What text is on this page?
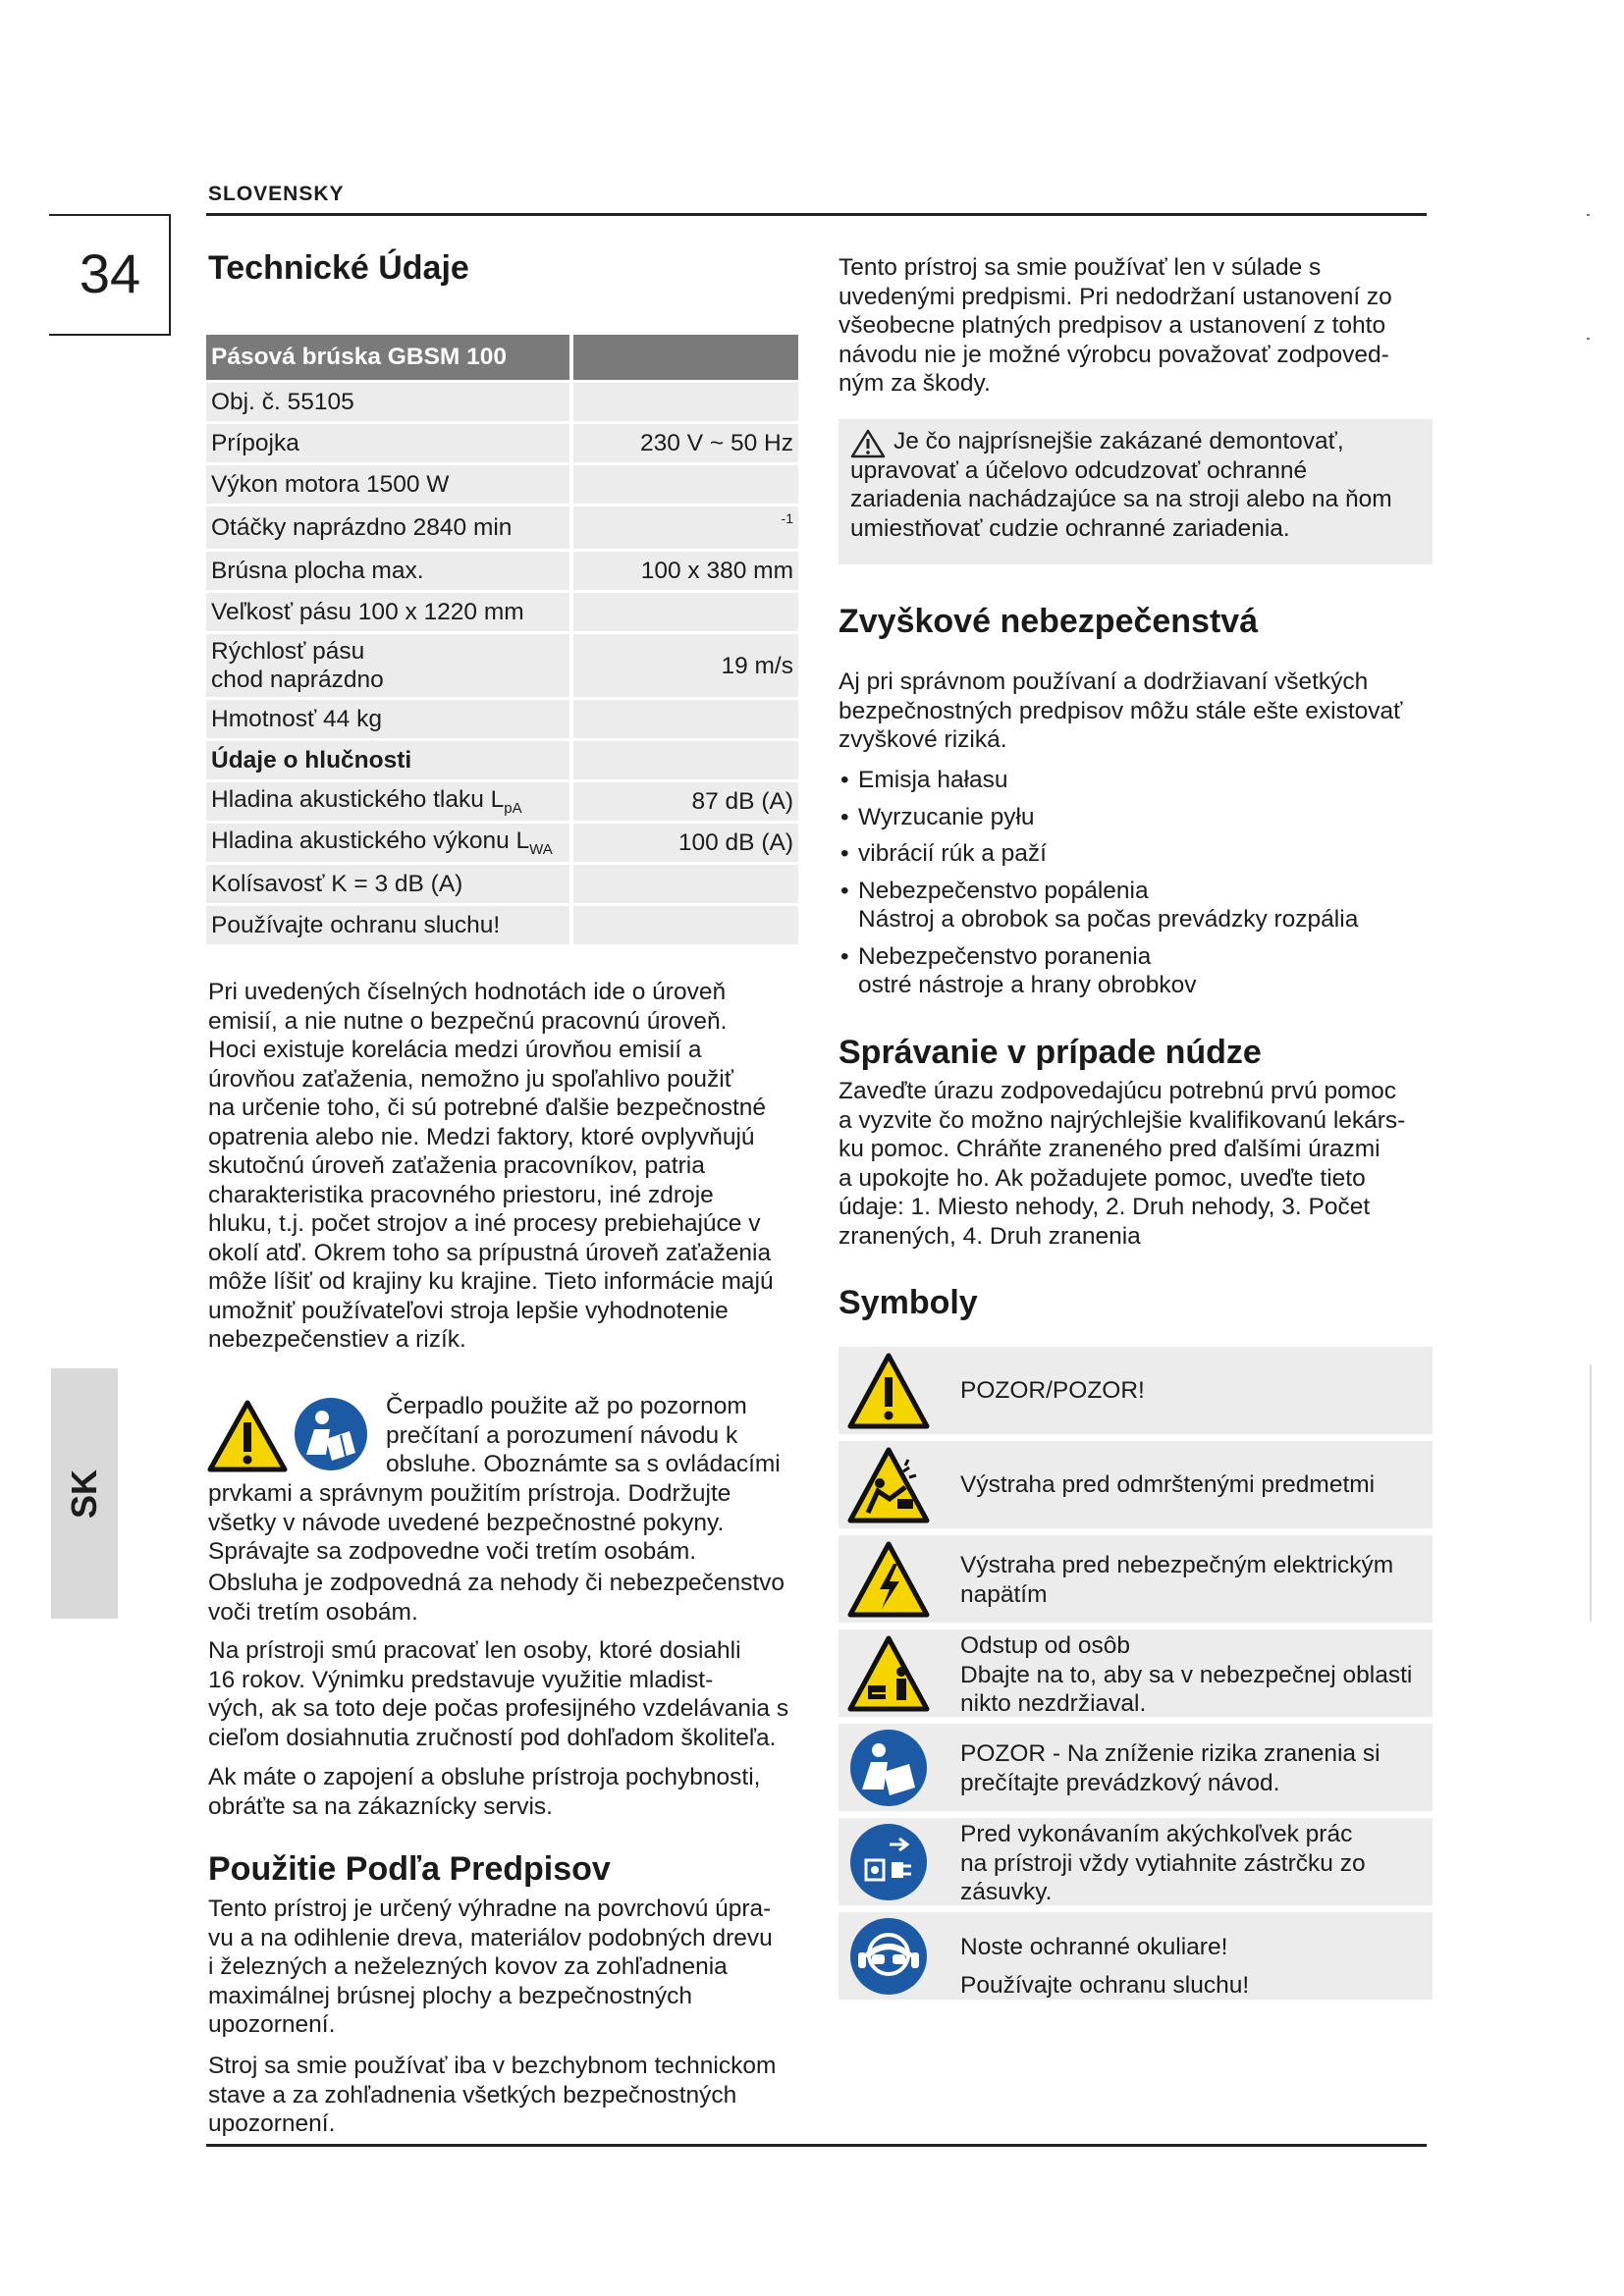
SLOVENSKY
34
SK
Technické Údaje
Pásová brúska GBSM 100	
Obj. č. 55105	
Prípojka	230 V ~ 50 Hz
Výkon motora 1500 W	
Otáčky naprázdno 2840 min	-1
Brúsna plocha max.	100 x 380 mm
Veľkosť pásu 100 x 1220 mm	

Rýchlosť pásu
chod naprázdno	19 m/s
Hmotnosť 44 kg	
Údaje o hlučnosti	
Hladina akustického tlaku $L_{pA}$	87 dB (A)
Hladina akustického výkonu $L_{WA}$	100 dB (A)
Kolísavosť K = 3 dB (A)	
Používajte ochranu sluchu!	
Pri uvedených číselných hodnotách ide o úroveň
emisií, a nie nutne o bezpečnú pracovnú úroveň.
Hoci existuje korelácia medzi úrovňou emisií a
úrovňou zaťaženia, nemožno ju spoľahlivo použiť
na určenie toho, či sú potrebné ďalšie bezpečnostné
opatrenia alebo nie. Medzi faktory, ktoré ovplyvňujú
skutočnú úroveň zaťaženia pracovníkov, patria
charakteristika pracovného priestoru, iné zdroje
hluku, t.j. počet strojov a iné procesy prebiehajúce v
okolí atď. Okrem toho sa prípustná úroveň zaťaženia
môže líšiť od krajiny ku krajine. Tieto informácie majú
umožniť používateľovi stroja lepšie vyhodnotenie
nebezpečenstiev a rizík.
Čerpadlo použite až po pozornom
prečítaní a porozumení návodu k
obsluhe. Oboznámte sa s ovládacími
prvkami a správnym použitím prístroja. Dodržujte
všetky v návode uvedené bezpečnostné pokyny.
Správajte sa zodpovedne voči tretím osobám.
Obsluha je zodpovedná za nehody či nebezpečenstvo
voči tretím osobám.
Na prístroji smú pracovať len osoby, ktoré dosiahli
16 rokov. Výnimku predstavuje využitie mladist-
vých, ak sa toto deje počas profesijného vzdelávania s
cieľom dosiahnutia zručností pod dohľadom školiteľa.
Ak máte o zapojení a obsluhe prístroja pochybnosti,
obráťte sa na zákaznícky servis.
Použitie Podľa Predpisov
Tento prístroj je určený výhradne na povrchovú úpra-
vu a na odihlenie dreva, materiálov podobných drevu
i železných a neželezných kovov za zohľadnenia
maximálnej brúsnej plochy a bezpečnostných
upozornení.
Stroj sa smie používať iba v bezchybnom technickom
stave a za zohľadnenia všetkých bezpečnostných
upozornení.
Tento prístroj sa smie používať len v súlade s
uvedenými predpismi. Pri nedodržaní ustanovení zo
všeobecne platných predpisov a ustanovení z tohto
návodu nie je možné výrobcu považovať zodpoved-
ným za škody.
Je čo najprísnejšie zakázané demontovať,
upravovať a účelovo odcudzovať ochranné
zariadenia nachádzajúce sa na stroji alebo na ňom
umiestňovať cudzie ochranné zariadenia.
Zvyškové nebezpečenstvá
Aj pri správnom používaní a dodržiavaní všetkých
bezpečnostných predpisov môžu stále ešte existovať
zvyškové riziká.
• Emisja hałasu
• Wyrzucanie pyłu
• vibrácií rúk a paží
• Nebezpečenstvo popálenia
Nástroj a obrobok sa počas prevádzky rozpália
• Nebezpečenstvo poranenia
ostré nástroje a hrany obrobkov
Správanie v prípade núdze
Zaveďte úrazu zodpovedajúcu potrebnú prvú pomoc
a vyzvite čo možno najrýchlejšie kvalifikovanú lekárs-
ku pomoc. Chráňte zraneného pred ďalšími úrazmi
a upokojte ho. Ak požadujete pomoc, uveďte tieto
údaje: 1. Miesto nehody, 2. Druh nehody, 3. Počet
zranených, 4. Druh zranenia
Symboly
POZOR/POZOR!
Výstraha pred odmrštenými predmetmi
Výstraha pred nebezpečným elektrickým
napätím
Odstup od osôb
Dbajte na to, aby sa v nebezpečnej oblasti
nikto nezdržiaval.
POZOR - Na zníženie rizika zranenia si
prečítajte prevádzkový návod.
Pred vykonávaním akýchkoľvek prác
na prístroji vždy vytiahnite zástrčku zo
zásuvky.
Noste ochranné okuliare!
Používajte ochranu sluchu!
